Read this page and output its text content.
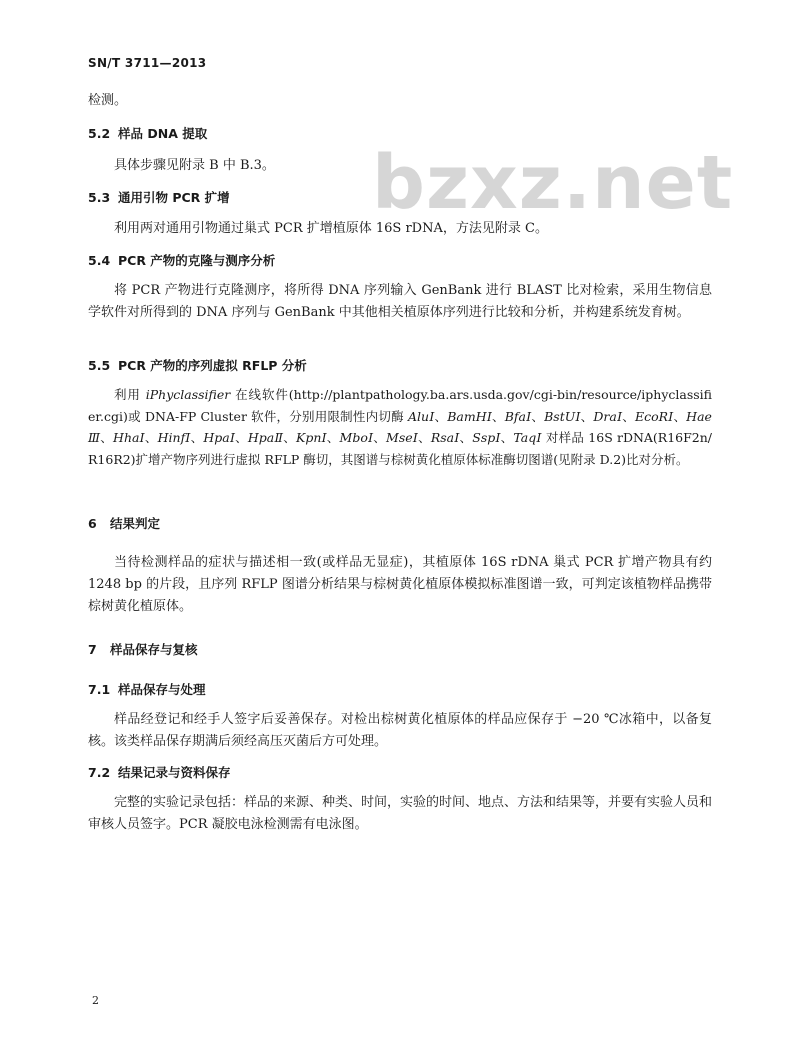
SN/T 3711—2013
bzxz.net
检测。
5.2 样品 DNA 提取
具体步骤见附录 B 中 B.3。
5.3 通用引物 PCR 扩增
利用两对通用引物通过巢式 PCR 扩增植原体 16S rDNA，方法见附录 C。
5.4 PCR 产物的克隆与测序分析
将 PCR 产物进行克隆测序，将所得 DNA 序列输入 GenBank 进行 BLAST 比对检索，采用生物信息学软件对所得到的 DNA 序列与 GenBank 中其他相关植原体序列进行比较和分析，并构建系统发育树。
5.5 PCR 产物的序列虚拟 RFLP 分析
利用 iPhyclassifier 在线软件(http://plantpathology.ba.ars.usda.gov/cgi-bin/resource/iphyclassifier.cgi)或 DNA-FP Cluster 软件，分别用限制性内切酶 AluⅠ、BamHⅠ、BfaⅠ、BstUⅠ、DraⅠ、EcoRⅠ、HaeⅢ、HhaⅠ、HinfⅠ、HpaⅠ、HpaⅡ、KpnⅠ、MboⅠ、MseⅠ、RsaⅠ、SspⅠ、TaqⅠ 对样品 16S rDNA(R16F2n/R16R2)扩增产物序列进行虚拟 RFLP 酶切，其图谱与棕树黄化植原体标准酶切图谱(见附录 D.2)比对分析。
6 结果判定
当待检测样品的症状与描述相一致(或样品无显症)，其植原体 16S rDNA 巢式 PCR 扩增产物具有约 1248 bp 的片段，且序列 RFLP 图谱分析结果与棕树黄化植原体模拟标准图谱一致，可判定该植物样品携带棕树黄化植原体。
7 样品保存与复核
7.1 样品保存与处理
样品经登记和经手人签字后妥善保存。对检出棕树黄化植原体的样品应保存于 −20 ℃冰箱中，以备复核。该类样品保存期满后须经高压灭菌后方可处理。
7.2 结果记录与资料保存
完整的实验记录包括：样品的来源、种类、时间，实验的时间、地点、方法和结果等，并要有实验人员和审核人员签字。PCR 凝胶电泳检测需有电泳图。
2
